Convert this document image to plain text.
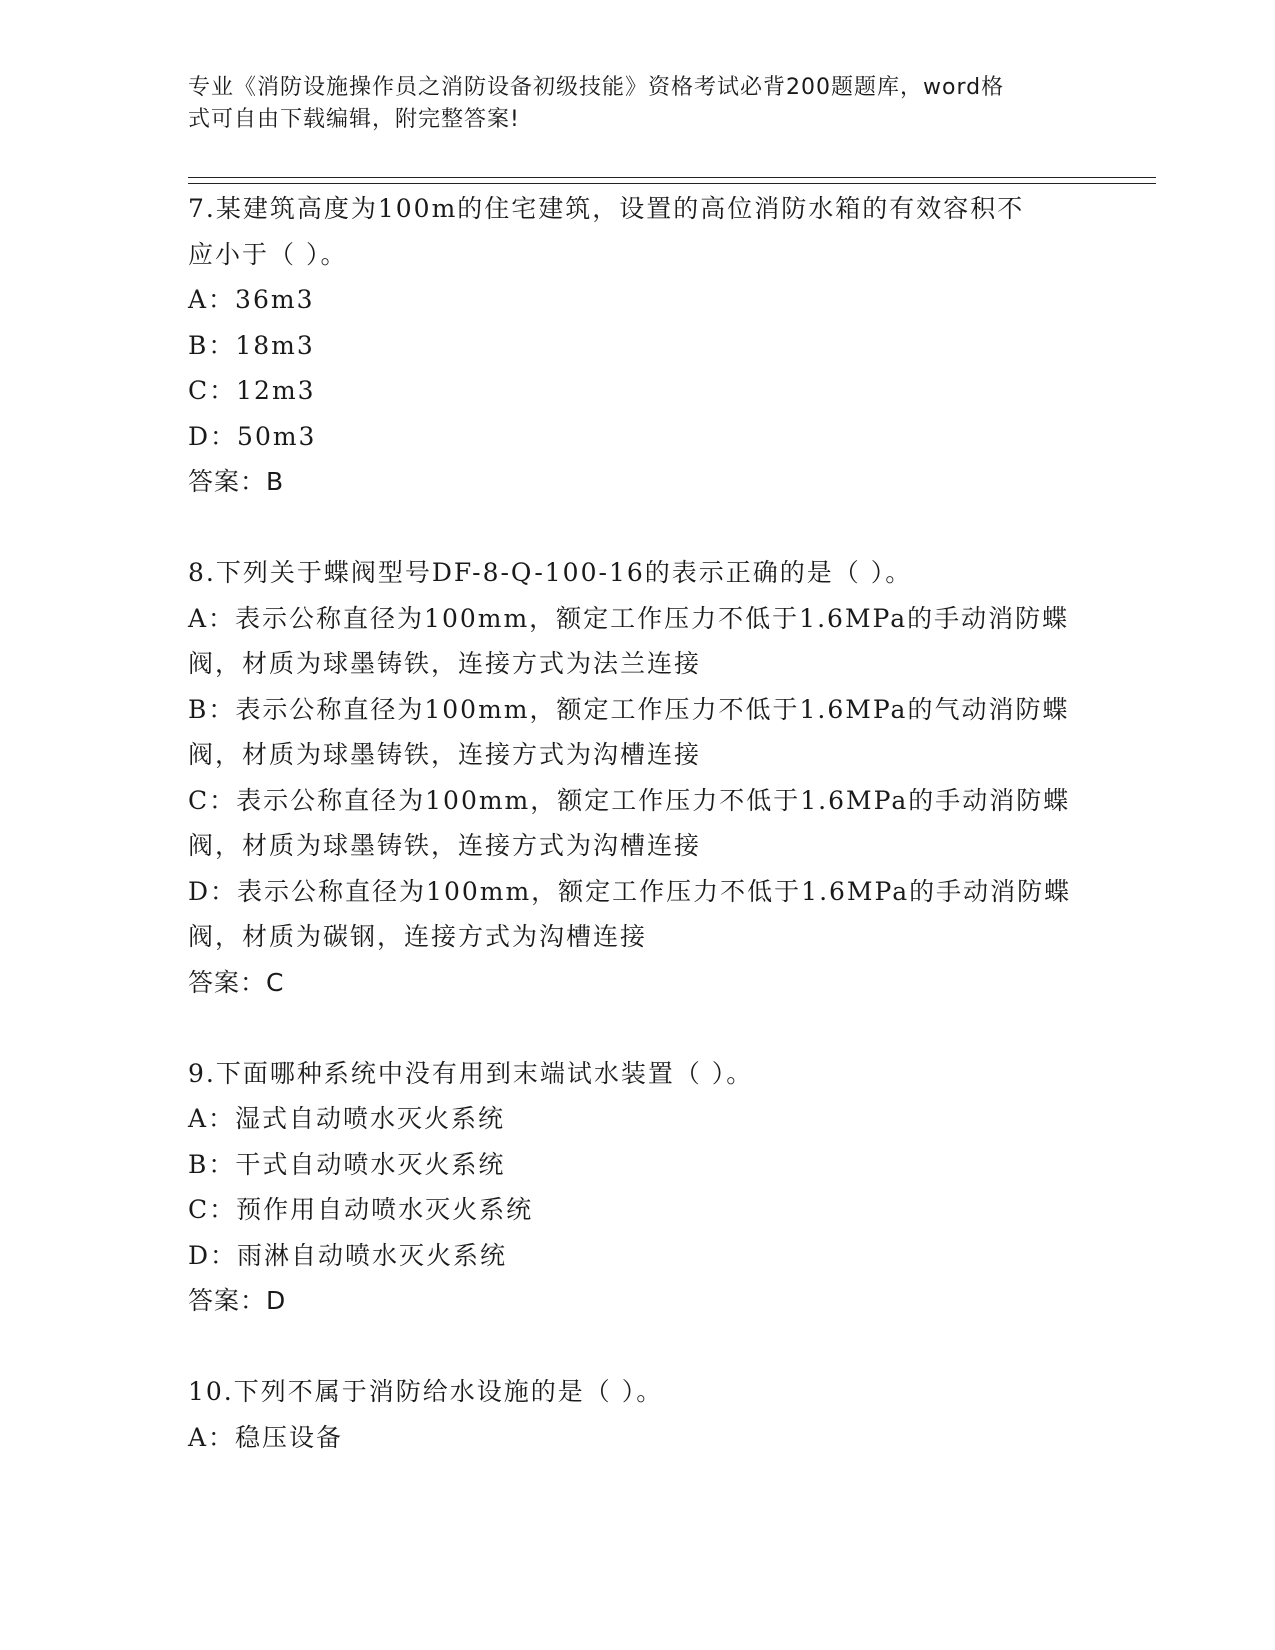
专业《消防设施操作员之消防设备初级技能》资格考试必背200题题库，word格
式可自由下载编辑，附完整答案!
7.某建筑高度为100m的住宅建筑，设置的高位消防水箱的有效容积不
应小于（ ）。
A：36m3
B：18m3
C：12m3
D：50m3
答案：B
8.下列关于蝶阀型号DF-8-Q-100-16的表示正确的是（ ）。
A：表示公称直径为100mm，额定工作压力不低于1.6MPa的手动消防蝶
阀，材质为球墨铸铁，连接方式为法兰连接
B：表示公称直径为100mm，额定工作压力不低于1.6MPa的气动消防蝶
阀，材质为球墨铸铁，连接方式为沟槽连接
C：表示公称直径为100mm，额定工作压力不低于1.6MPa的手动消防蝶
阀，材质为球墨铸铁，连接方式为沟槽连接
D：表示公称直径为100mm，额定工作压力不低于1.6MPa的手动消防蝶
阀，材质为碳钢，连接方式为沟槽连接
答案：C
9.下面哪种系统中没有用到末端试水装置（ ）。
A：湿式自动喷水灭火系统
B：干式自动喷水灭火系统
C：预作用自动喷水灭火系统
D：雨淋自动喷水灭火系统
答案：D
10.下列不属于消防给水设施的是（ ）。
A：稳压设备
